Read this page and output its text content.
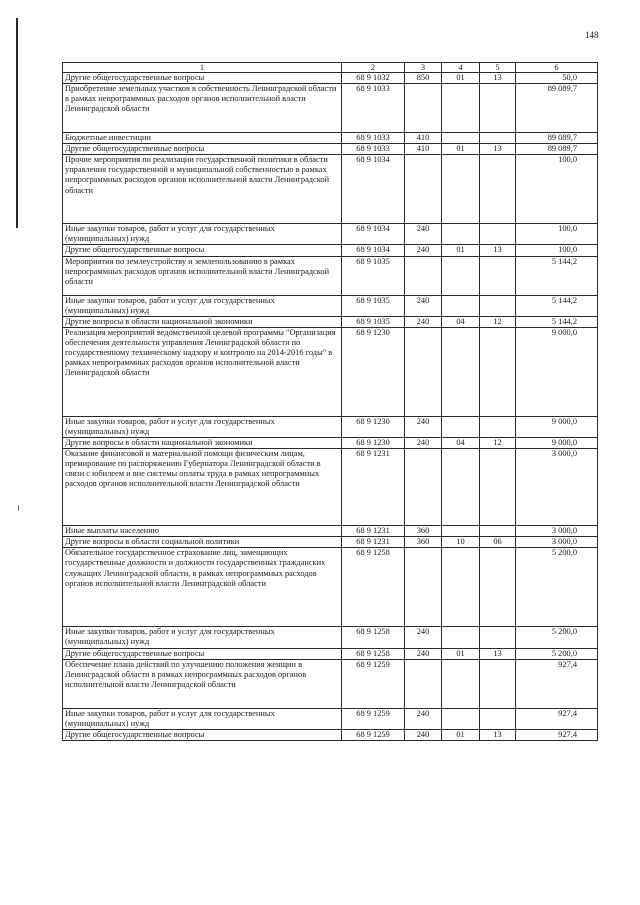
148
1	2	3	4	5	6
Другие общегосударственные вопросы	68 9 1032	850	01	13	50,0
Приобретение земельных участков в собственность Ленинградской области в рамках непрограммных расходов органов исполнительной власти Ленинградской области	68 9 1033				89 089,7
Бюджетные инвестиции	68 9 1033	410			89 089,7
Другие общегосударственные вопросы	68 9 1033	410	01	13	89 089,7
Прочие мероприятия по реализации государственной политики в области управления государственной и муниципальной собственностью в рамках непрограммных расходов органов исполнительной власти Ленинградской области	68 9 1034				100,0
Иные закупки товаров, работ и услуг для государственных (муниципальных) нужд	68 9 1034	240			100,0
Другие общегосударственные вопросы	68 9 1034	240	01	13	100,0
Мероприятия по землеустройству и землепользованию в рамках непрограммных расходов органов исполнительной власти Ленинградской области	68 9 1035				5 144,2
Иные закупки товаров, работ и услуг для государственных (муниципальных) нужд	68 9 1035	240			5 144,2
Другие вопросы в области национальной экономики	68 9 1035	240	04	12	5 144,2
Реализация мероприятий ведомственной целевой программы "Организация обеспечения деятельности управления Ленинградской области по государственному техническому надзору и контролю на 2014-2016 годы" в рамках непрограммных расходов органов исполнительной власти Ленинградской области	68 9 1230				9 000,0
Иные закупки товаров, работ и услуг для государственных (муниципальных) нужд	68 9 1230	240			9 000,0
Другие вопросы в области национальной экономики	68 9 1230	240	04	12	9 000,0
Оказание финансовой и материальной помощи физическим лицам, премирование по распоряжению Губернатора Ленинградской области в связи с юбилеем и вне системы оплаты труда в рамках непрограммных расходов органов исполнительной власти Ленинградской области	68 9 1231				3 000,0
Иные выплаты населению	68 9 1231	360			3 000,0
Другие вопросы в области социальной политики	68 9 1231	360	10	06	3 000,0
Обязательное государственное страхование лиц, замещающих государственные должности и должности государственных гражданских служащих Ленинградской области, в рамках непрограммных расходов органов исполнительной власти Ленинградской области	68 9 1258				5 200,0
Иные закупки товаров, работ и услуг для государственных (муниципальных) нужд	68 9 1258	240			5 200,0
Другие общегосударственные вопросы	68 9 1258	240	01	13	5 200,0
Обеспечение плана действий по улучшению положения женщин в Ленинградской области в рамках непрограммных расходов органов исполнительной власти Ленинградской области	68 9 1259				927,4
Иные закупки товаров, работ и услуг для государственных (муниципальных) нужд	68 9 1259	240			927,4
Другие общегосударственные вопросы	68 9 1259	240	01	13	927,4
